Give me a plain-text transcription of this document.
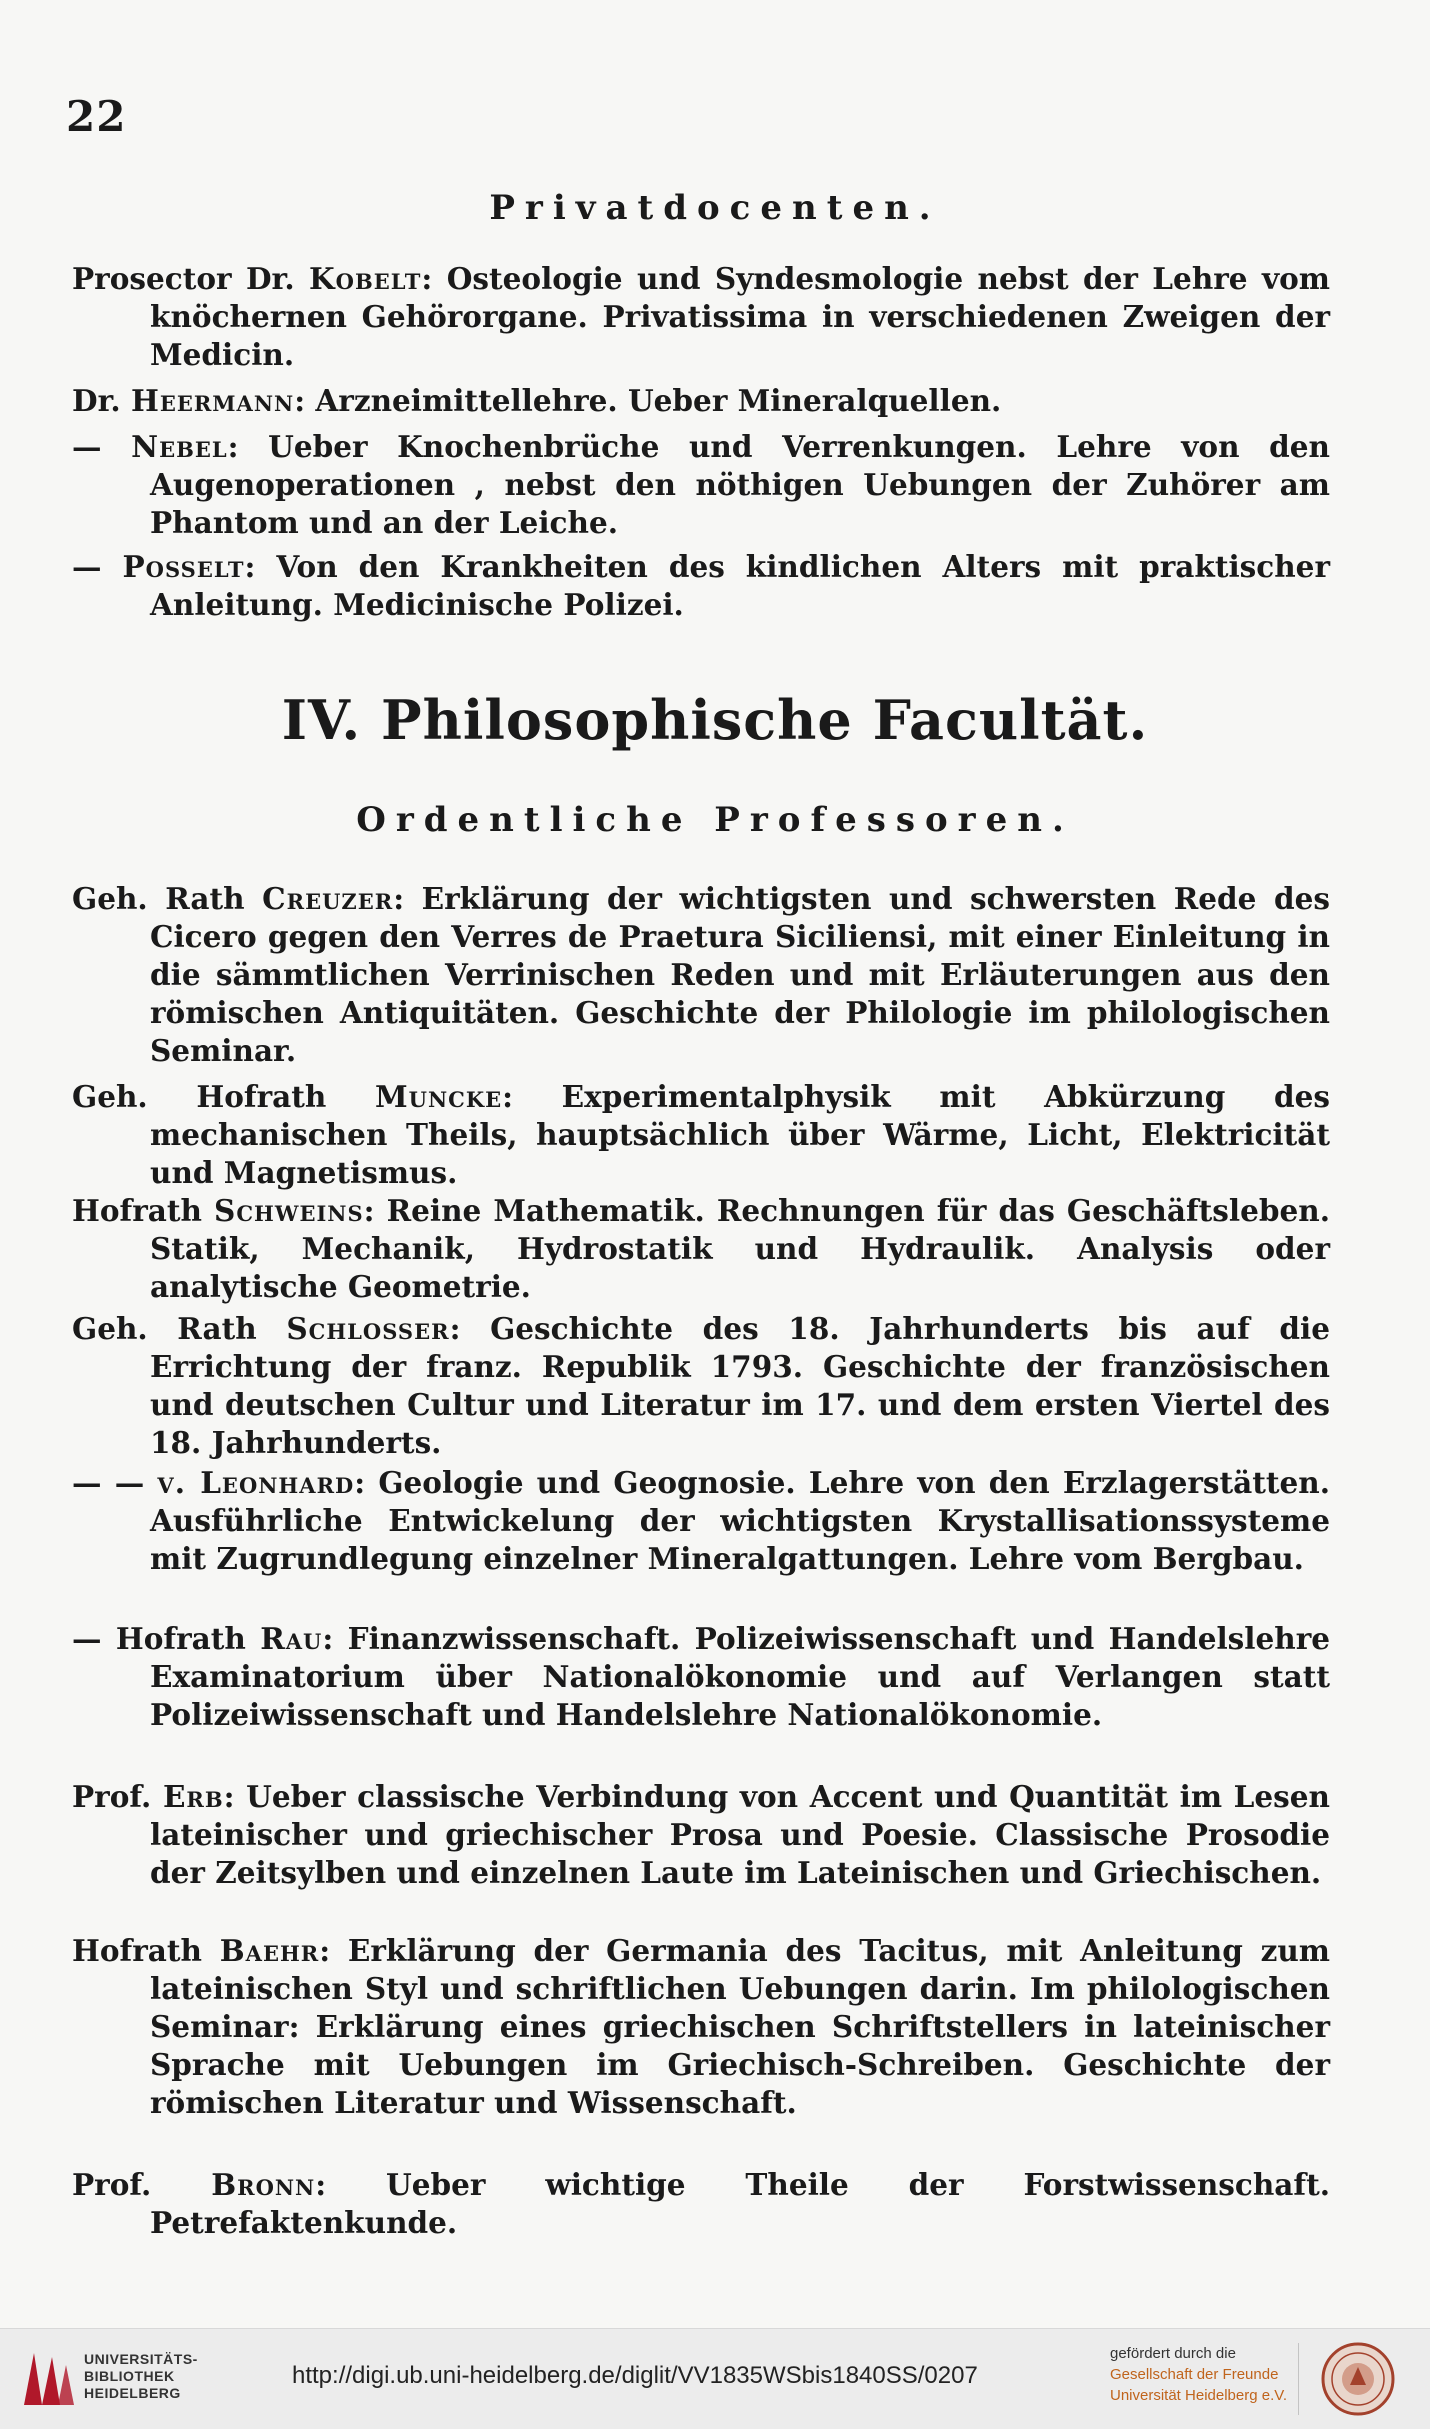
22
Privatdocenten.
Prosector Dr. Kobelt: Osteologie und Syndesmologie nebst der Lehre vom knöchernen Gehörorgane. Privatissima in verschiedenen Zweigen der Medicin.
Dr. Heermann: Arzneimittellehre. Ueber Mineralquellen.
— Nebel: Ueber Knochenbrüche und Verrenkungen. Lehre von den Augenoperationen , nebst den nöthigen Uebungen der Zuhörer am Phantom und an der Leiche.
— Posselt: Von den Krankheiten des kindlichen Alters mit praktischer Anleitung. Medicinische Polizei.
IV. Philosophische Facultät.
Ordentliche Professoren.
Geh. Rath Creuzer: Erklärung der wichtigsten und schwersten Rede des Cicero gegen den Verres de Praetura Siciliensi, mit einer Einleitung in die sämmtlichen Verrinischen Reden und mit Erläuterungen aus den römischen Antiquitäten. Geschichte der Philologie im philologischen Seminar.
Geh. Hofrath Muncke: Experimentalphysik mit Abkürzung des mechanischen Theils, hauptsächlich über Wärme, Licht, Elektricität und Magnetismus.
Hofrath Schweins: Reine Mathematik. Rechnungen für das Geschäftsleben. Statik, Mechanik, Hydrostatik und Hydraulik. Analysis oder analytische Geometrie.
Geh. Rath Schlosser: Geschichte des 18. Jahrhunderts bis auf die Errichtung der franz. Republik 1793. Geschichte der französischen und deutschen Cultur und Literatur im 17. und dem ersten Viertel des 18. Jahrhunderts.
— — v. Leonhard: Geologie und Geognosie. Lehre von den Erzlagerstätten. Ausführliche Entwickelung der wichtigsten Krystallisationssysteme mit Zugrundlegung einzelner Mineralgattungen. Lehre vom Bergbau.
— Hofrath Rau: Finanzwissenschaft. Polizeiwissenschaft und Handelslehre Examinatorium über Nationalökonomie und auf Verlangen statt Polizeiwissenschaft und Handelslehre Nationalökonomie.
Prof. Erb: Ueber classische Verbindung von Accent und Quantität im Lesen lateinischer und griechischer Prosa und Poesie. Classische Prosodie der Zeitsylben und einzelnen Laute im Lateinischen und Griechischen.
Hofrath Baehr: Erklärung der Germania des Tacitus, mit Anleitung zum lateinischen Styl und schriftlichen Uebungen darin. Im philologischen Seminar: Erklärung eines griechischen Schriftstellers in lateinischer Sprache mit Uebungen im Griechisch-Schreiben. Geschichte der römischen Literatur und Wissenschaft.
Prof. Bronn: Ueber wichtige Theile der Forstwissenschaft. Petrefaktenkunde.
UNIVERSITÄTS-
BIBLIOTHEK
HEIDELBERG
http://digi.ub.uni-heidelberg.de/diglit/VV1835WSbis1840SS/0207
gefördert durch die
Gesellschaft der Freunde
Universität Heidelberg e.V.
